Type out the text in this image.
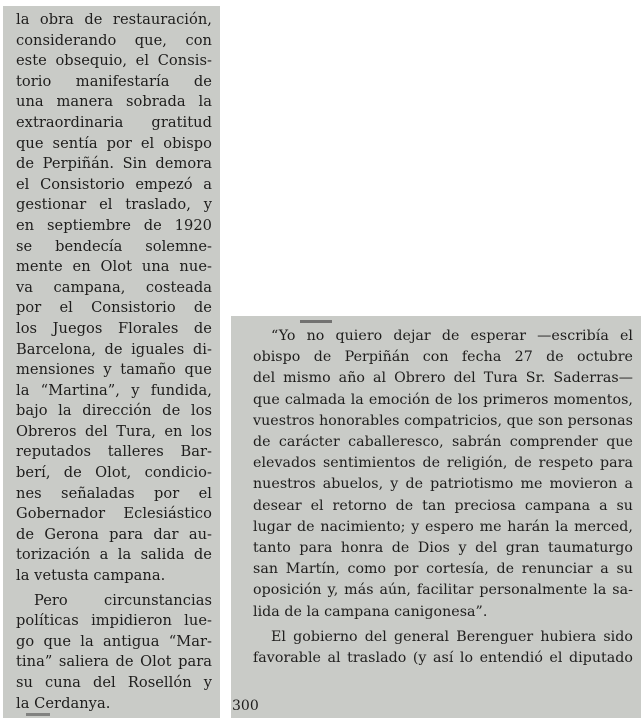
la obra de restauración,
considerando que, con
este obsequio, el Consis-
torio manifestaría de
una manera sobrada la
extraordinaria gratitud
que sentía por el obispo
de Perpiñán. Sin demora
el Consistorio empezó a
gestionar el traslado, y
en septiembre de 1920
se bendecía solemne-
mente en Olot una nue-
va campana, costeada
por el Consistorio de
los Juegos Florales de
Barcelona, de iguales di-
mensiones y tamaño que
la “Martina”, y fundida,
bajo la dirección de los
Obreros del Tura, en los
reputados talleres Bar-
berí, de Olot, condicio-
nes señaladas por el
Gobernador Eclesiástico
de Gerona para dar au-
torización a la salida de
la vetusta campana.
Pero circunstancias
políticas impidieron lue-
go que la antigua “Mar-
tina” saliera de Olot para
su cuna del Rosellón y
la Cerdanya.
“Yo no quiero dejar de esperar —escribía el
obispo de Perpiñán con fecha 27 de octubre
del mismo año al Obrero del Tura Sr. Saderras—
que calmada la emoción de los primeros momentos,
vuestros honorables compatricios, que son personas
de carácter caballeresco, sabrán comprender que
elevados sentimientos de religión, de respeto para
nuestros abuelos, y de patriotismo me movieron a
desear el retorno de tan preciosa campana a su
lugar de nacimiento; y espero me harán la merced,
tanto para honra de Dios y del gran taumaturgo
san Martín, como por cortesía, de renunciar a su
oposición y, más aún, facilitar personalmente la sa-
lida de la campana canigonesa”.
El gobierno del general Berenguer hubiera sido
favorable al traslado (y así lo entendió el diputado
300
